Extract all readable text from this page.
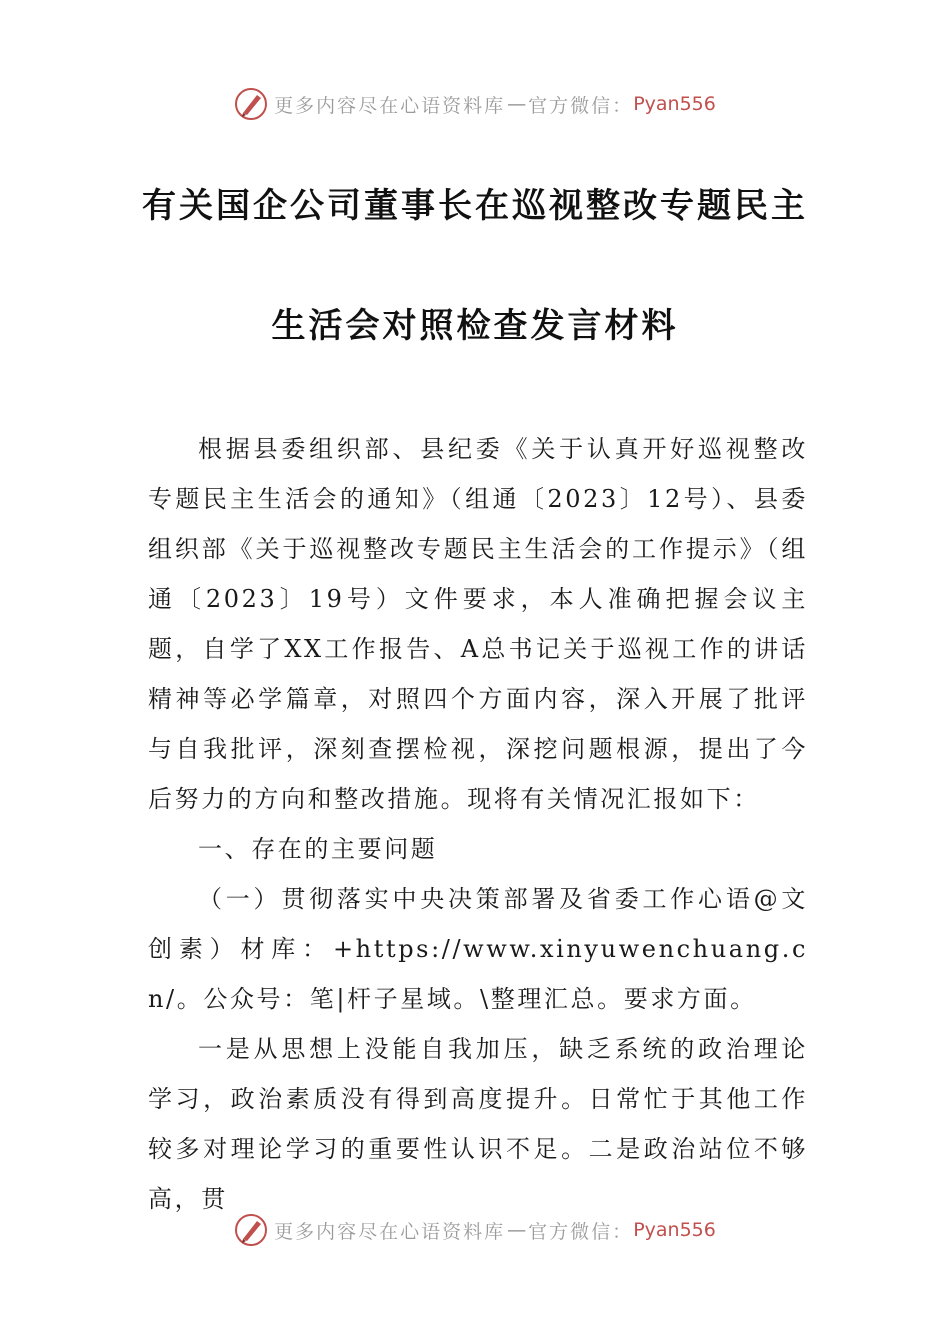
更多内容尽在心语资料库 — 官方微信： Pyan556
有关国企公司董事长在巡视整改专题民主
生活会对照检查发言材料

根据县委组织部、县纪委《关于认真开好巡视整改专题民主生活会的通知》（组通〔2023〕12号）、县委组织部《关于巡视整改专题民主生活会的工作提示》（组通〔2023〕19号）文件要求，本人准确把握会议主题，自学了XX工作报告、A总书记关于巡视工作的讲话精神等必学篇章，对照四个方面内容，深入开展了批评与自我批评，深刻查摆检视，深挖问题根源，提出了今后努力的方向和整改措施。现将有关情况汇报如下：

一、存在的主要问题

（一）贯彻落实中央决策部署及省委工作心语@文创素）材库：+https://www.xinyuwenchuang.cn/。公众号：笔|杆子星域。\整理汇总。要求方面。

一是从思想上没能自我加压，缺乏系统的政治理论学习，政治素质没有得到高度提升。日常忙于其他工作较多对理论学习的重要性认识不足。二是政治站位不够高，贯

更多内容尽在心语资料库 — 官方微信： Pyan556
